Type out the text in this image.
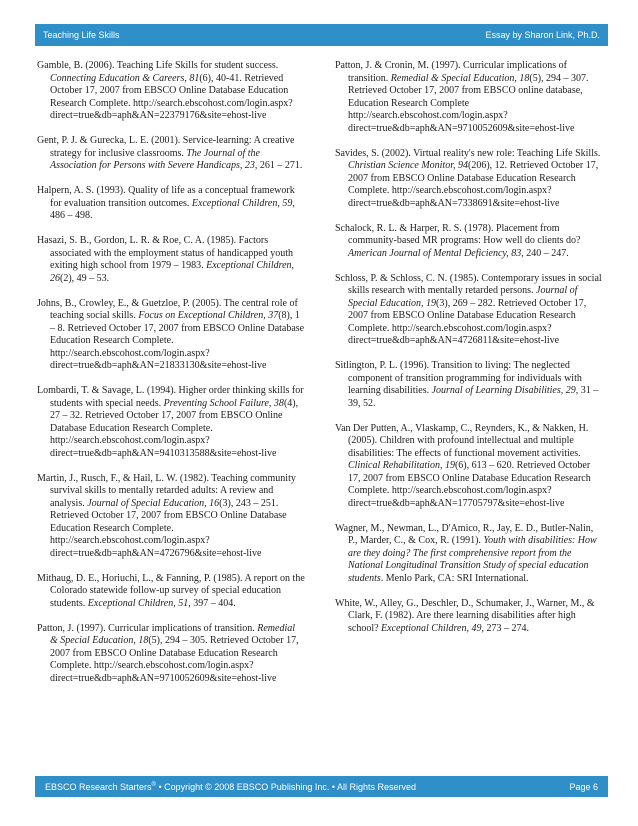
Teaching Life Skills	Essay by Sharon Link, Ph.D.

Gamble, B. (2006). Teaching Life Skills for student success. Connecting Education & Careers, 81(6), 40-41. Retrieved October 17, 2007 from EBSCO Online Database Education Research Complete. http://search.ebscohost.com/login.aspx?direct=true&db=aph&AN=22379176&site=ehost-live

Gent, P. J. & Gurecka, L. E. (2001). Service-learning: A creative strategy for inclusive classrooms. The Journal of the Association for Persons with Severe Handicaps, 23, 261 – 271.

Halpern, A. S. (1993). Quality of life as a conceptual framework for evaluation transition outcomes. Exceptional Children, 59, 486 – 498.

Hasazi, S. B., Gordon, L. R. & Roe, C. A. (1985). Factors associated with the employment status of handicapped youth exiting high school from 1979 – 1983. Exceptional Children, 26(2), 49 – 53.

Johns, B., Crowley, E., & Guetzloe, P. (2005). The central role of teaching social skills. Focus on Exceptional Children, 37(8), 1 – 8. Retrieved October 17, 2007 from EBSCO Online Database Education Research Complete. http://search.ebscohost.com/login.aspx?direct=true&db=aph&AN=21833130&site=ehost-live

Lombardi, T. & Savage, L. (1994). Higher order thinking skills for students with special needs. Preventing School Failure, 38(4), 27 – 32. Retrieved October 17, 2007 from EBSCO Online Database Education Research Complete. http://search.ebscohost.com/login.aspx?direct=true&db=aph&AN=9410313588&site=ehost-live

Martin, J., Rusch, F., & Hail, L. W. (1982). Teaching community survival skills to mentally retarded adults: A review and analysis. Journal of Special Education, 16(3), 243 – 251. Retrieved October 17, 2007 from EBSCO Online Database Education Research Complete. http://search.ebscohost.com/login.aspx?direct=true&db=aph&AN=4726796&site=ehost-live

Mithaug, D. E., Horiuchi, L., & Fanning, P. (1985). A report on the Colorado statewide follow-up survey of special education students. Exceptional Children, 51, 397 – 404.

Patton, J. (1997). Curricular implications of transition. Remedial & Special Education, 18(5), 294 – 305. Retrieved October 17, 2007 from EBSCO Online Database Education Research Complete. http://search.ebscohost.com/login.aspx?direct=true&db=aph&AN=9710052609&site=ehost-live

Patton, J. & Cronin, M. (1997). Curricular implications of transition. Remedial & Special Education, 18(5), 294 – 307. Retrieved October 17, 2007 from EBSCO online database, Education Research Complete http://search.ebscohost.com/login.aspx?direct=true&db=aph&AN=9710052609&site=ehost-live

Savides, S. (2002). Virtual reality's new role: Teaching Life Skills. Christian Science Monitor, 94(206), 12. Retrieved October 17, 2007 from EBSCO Online Database Education Research Complete. http://search.ebscohost.com/login.aspx?direct=true&db=aph&AN=7338691&site=ehost-live

Schalock, R. L. & Harper, R. S. (1978). Placement from community-based MR programs: How well do clients do? American Journal of Mental Deficiency, 83, 240 – 247.

Schloss, P. & Schloss, C. N. (1985). Contemporary issues in social skills research with mentally retarded persons. Journal of Special Education, 19(3), 269 – 282. Retrieved October 17, 2007 from EBSCO Online Database Education Research Complete. http://search.ebscohost.com/login.aspx?direct=true&db=aph&AN=4726811&site=ehost-live

Sitlington, P. L. (1996). Transition to living: The neglected component of transition programming for individuals with learning disabilities. Journal of Learning Disabilities, 29, 31 – 39, 52.

Van Der Putten, A., Vlaskamp, C., Reynders, K., & Nakken, H. (2005). Children with profound intellectual and multiple disabilities: The effects of functional movement activities. Clinical Rehabilitation, 19(6), 613 – 620. Retrieved October 17, 2007 from EBSCO Online Database Education Research Complete. http://search.ebscohost.com/login.aspx?direct=true&db=aph&AN=17705797&site=ehost-live

Wagner, M., Newman, L., D'Amico, R., Jay, E. D., Butler-Nalin, P., Marder, C., & Cox, R. (1991). Youth with disabilities: How are they doing? The first comprehensive report from the National Longitudinal Transition Study of special education students. Menlo Park, CA: SRI International.

White, W., Alley, G., Deschler, D., Schumaker, J., Warner, M., & Clark, F. (1982). Are there learning disabilities after high school? Exceptional Children, 49, 273 – 274.

EBSCO Research Starters® • Copyright © 2008 EBSCO Publishing Inc. • All Rights Reserved	Page 6
